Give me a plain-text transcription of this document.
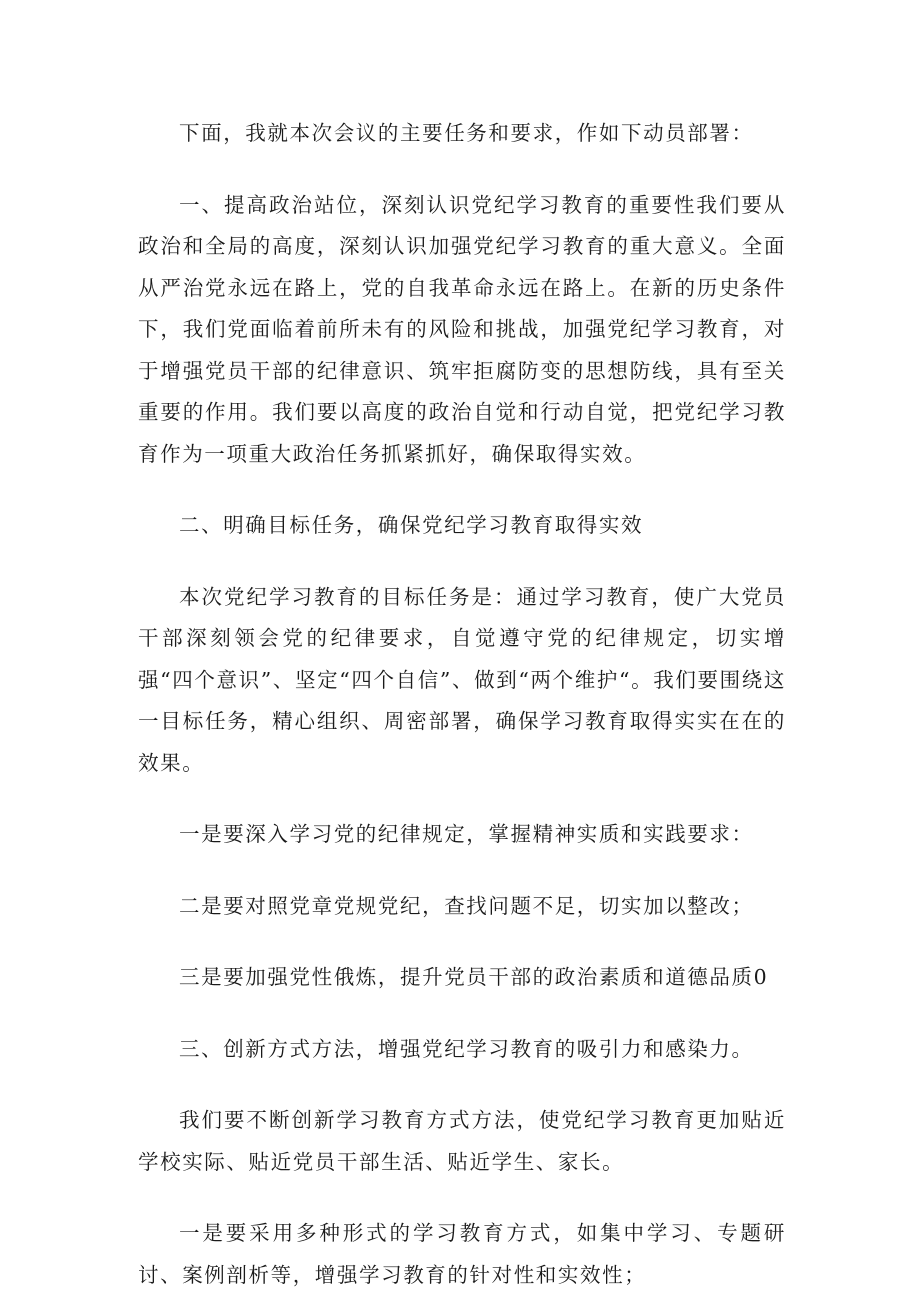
下面，我就本次会议的主要任务和要求，作如下动员部署：

一、提高政治站位，深刻认识党纪学习教育的重要性我们要从政治和全局的高度，深刻认识加强党纪学习教育的重大意义。全面从严治党永远在路上，党的自我革命永远在路上。在新的历史条件下，我们党面临着前所未有的风险和挑战，加强党纪学习教育，对于增强党员干部的纪律意识、筑牢拒腐防变的思想防线，具有至关重要的作用。我们要以高度的政治自觉和行动自觉，把党纪学习教育作为一项重大政治任务抓紧抓好，确保取得实效。

二、明确目标任务，确保党纪学习教育取得实效

本次党纪学习教育的目标任务是：通过学习教育，使广大党员干部深刻领会党的纪律要求，自觉遵守党的纪律规定，切实增强“四个意识”、坚定“四个自信”、做到“两个维护“。我们要围绕这一目标任务，精心组织、周密部署，确保学习教育取得实实在在的效果。

一是要深入学习党的纪律规定，掌握精神实质和实践要求：

二是要对照党章党规党纪，查找问题不足，切实加以整改；

三是要加强党性俄炼，提升党员干部的政治素质和道德品质0

三、创新方式方法，增强党纪学习教育的吸引力和感染力。

我们要不断创新学习教育方式方法，使党纪学习教育更加贴近学校实际、贴近党员干部生活、贴近学生、家长。

一是要采用多种形式的学习教育方式，如集中学习、专题研讨、案例剖析等，增强学习教育的针对性和实效性；
